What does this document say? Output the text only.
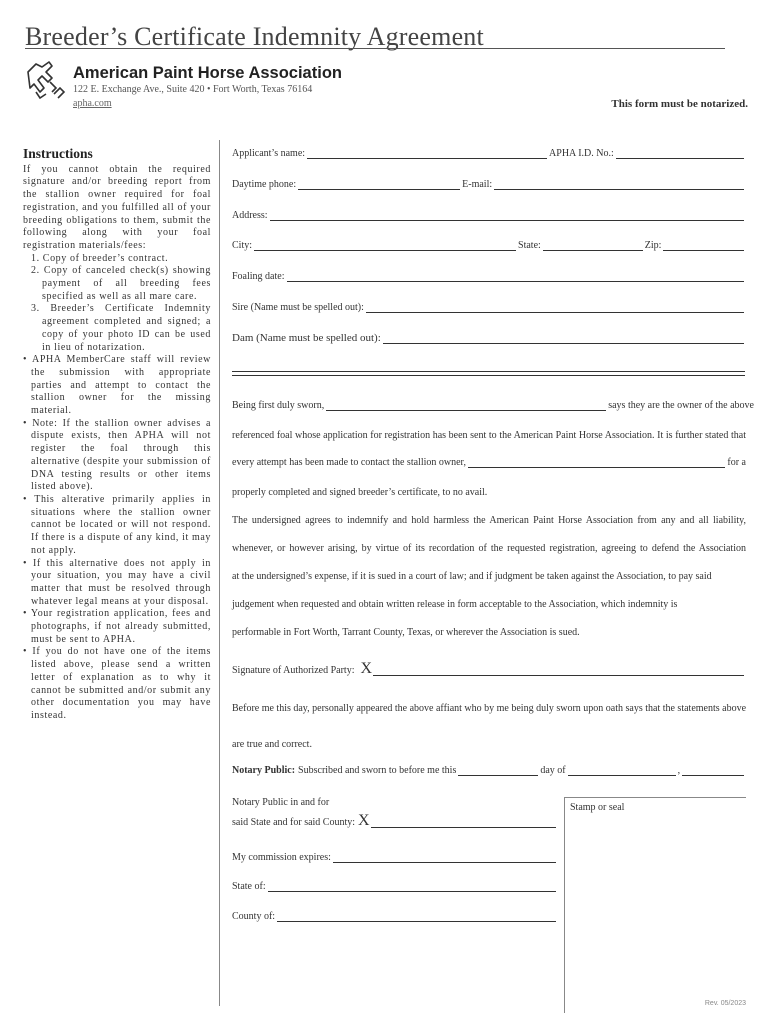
Breeder’s Certificate Indemnity Agreement
American Paint Horse Association
122 E. Exchange Ave., Suite 420 • Fort Worth, Texas 76164
apha.com	This form must be notarized.
Instructions

If you cannot obtain the required signature and/or breeding report from the stallion owner required for foal registration, and you fulfilled all of your breeding obligations to them, submit the following along with your foal registration materials/fees:

1. Copy of breeder’s contract.
2. Copy of canceled check(s) showing payment of all breeding fees specified as well as all mare care.
3. Breeder’s Certificate Indemnity agreement completed and signed; a copy of your photo ID can be used in lieu of notarization.
• APHA MemberCare staff will review the submission with appropriate parties and attempt to contact the stallion owner for the missing material.
• Note: If the stallion owner advises a dispute exists, then APHA will not register the foal through this alternative (despite your submission of DNA testing results or other items listed above).
• This alterative primarily applies in situations where the stallion owner cannot be located or will not respond. If there is a dispute of any kind, it may not apply.
• If this alternative does not apply in your situation, you may have a civil matter that must be resolved through whatever legal means at your disposal.
• Your registration application, fees and photographs, if not already submitted, must be sent to APHA.
• If you do not have one of the items listed above, please send a written letter of explanation as to why it cannot be submitted and/or submit any other documentation you may have instead.
Applicant’s name:	APHA I.D. No.:
Daytime phone:	E-mail:
Address:
City:	State:	Zip:
Foaling date:
Sire (Name must be spelled out):
Dam (Name must be spelled out):
Being first duly sworn,	says they are the owner of the above
referenced foal whose application for registration has been sent to the American Paint Horse Association. It is further stated that
every attempt has been made to contact the stallion owner,	for a
properly completed and signed breeder’s certificate, to no avail.
The undersigned agrees to indemnify and hold harmless the American Paint Horse Association from any and all liability,
whenever, or however arising, by virtue of its recordation of the requested registration, agreeing to defend the Association
at the undersigned’s expense, if it is sued in a court of law; and if judgment be taken against the Association, to pay said
judgement when requested and obtain written release in form acceptable to the Association, which indemnity is
performable in Fort Worth, Tarrant County, Texas, or wherever the Association is sued.
Signature of Authorized Party: X
Before me this day, personally appeared the above affiant who by me being duly sworn upon oath says that the statements above
are true and correct.
Notary Public: Subscribed and sworn to before me this	day of	,
Notary Public in and for
said State and for said County: X
My commission expires:
State of:
County of:
Stamp or seal
Rev. 05/2023
